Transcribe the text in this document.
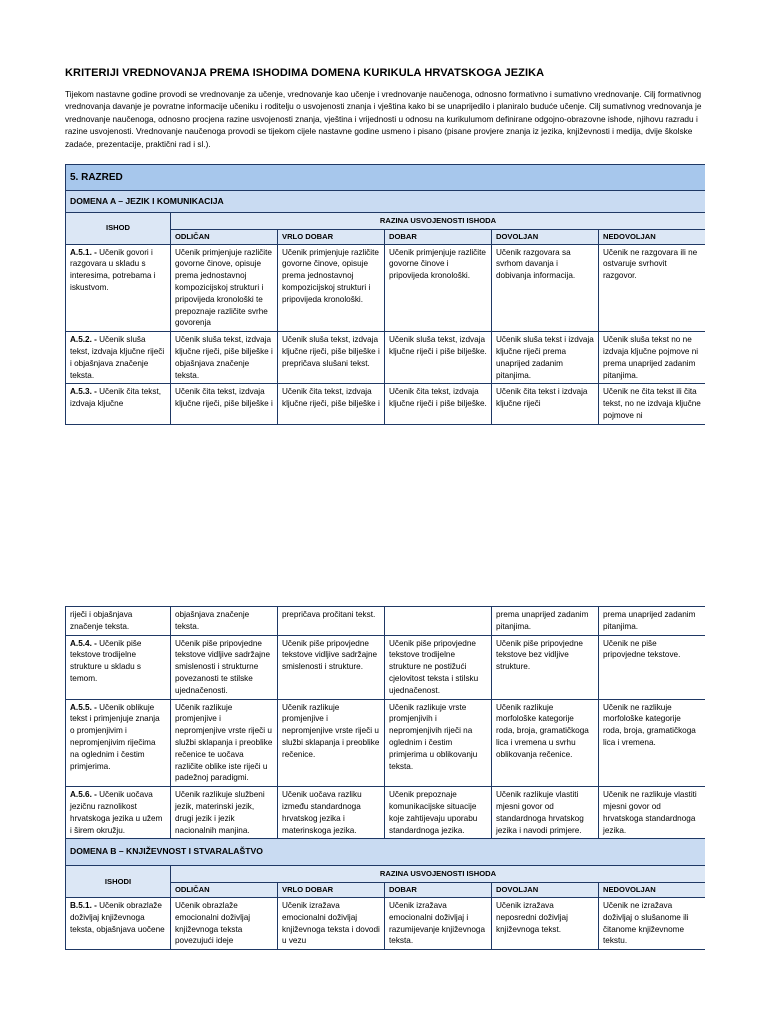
KRITERIJI VREDNOVANJA PREMA ISHODIMA DOMENA KURIKULA HRVATSKOGA JEZIKA
Tijekom nastavne godine provodi se vrednovanje za učenje, vrednovanje kao učenje i vrednovanje naučenoga, odnosno formativno i sumativno vrednovanje. Cilj formativnog vrednovanja davanje je povratne informacije učeniku i roditelju o usvojenosti znanja i vještina kako bi se unaprijedilo i planiralo buduće učenje. Cilj sumativnog vrednovanja je vrednovanje naučenoga, odnosno procjena razine usvojenosti znanja, vještina i vrijednosti u odnosu na kurikulumom definirane odgojno-obrazovne ishode, njihovu razradu i razine usvojenosti. Vrednovanje naučenoga provodi se tijekom cijele nastavne godine usmeno i pisano (pisane provjere znanja iz jezika, književnosti i medija, dvije školske zadaće, prezentacije, praktični rad i sl.).
5. RAZRED					
DOMENA A – JEZIK I KOMUNIKACIJA					
ISHOD	RAZINA USVOJENOSTI ISHODA				
	ODLIČAN	VRLO DOBAR	DOBAR	DOVOLJAN	NEDOVOLJAN
A.5.1. - Učenik govori i razgovara u skladu s interesima, potrebama i iskustvom.	Učenik primjenjuje različite govorne činove, opisuje prema jednostavnoj kompozicijskoj strukturi i pripovijeda kronološki te prepoznaje različite svrhe govorenja	Učenik primjenjuje različite govorne činove, opisuje prema jednostavnoj kompozicijskoj strukturi i pripovijeda kronološki.	Učenik primjenjuje različite govorne činove i pripovijeda kronološki.	Učenik razgovara sa svrhom davanja i dobivanja informacija.	Učenik ne razgovara ili ne ostvaruje svrhovit razgovor.
A.5.2. - Učenik sluša tekst, izdvaja ključne riječi i objašnjava značenje teksta.	Učenik sluša tekst, izdvaja ključne riječi, piše bilješke i objašnjava značenje teksta.	Učenik sluša tekst, izdvaja ključne riječi, piše bilješke i prepričava slušani tekst.	Učenik sluša tekst, izdvaja ključne riječi i piše bilješke.	Učenik sluša tekst i izdvaja ključne riječi prema unaprijed zadanim pitanjima.	Učenik sluša tekst no ne izdvaja ključne pojmove ni prema unaprijed zadanim pitanjima.
A.5.3. - Učenik čita tekst, izdvaja ključne	Učenik čita tekst, izdvaja ključne riječi, piše bilješke i	Učenik čita tekst, izdvaja ključne riječi, piše bilješke i	Učenik čita tekst, izdvaja ključne riječi i piše bilješke.	Učenik čita tekst i izdvaja ključne riječi	Učenik ne čita tekst ili čita tekst, no ne izdvaja ključne pojmove ni
riječi i objašnjava značenje teksta.	objašnjava značenje teksta.	prepričava pročitani tekst.		prema unaprijed zadanim pitanjima.	prema unaprijed zadanim pitanjima.
A.5.4. - Učenik piše tekstove trodijelne strukture u skladu s temom.	Učenik piše pripovjedne tekstove vidljive sadržajne smislenosti i strukturne povezanosti te stilske ujednačenosti.	Učenik piše pripovjedne tekstove vidljive sadržajne smislenosti i strukture.	Učenik piše pripovjedne tekstove trodijelne strukture ne postižući cjelovitost teksta i stilsku ujednačenost.	Učenik piše pripovjedne tekstove bez vidljive strukture.	Učenik ne piše pripovjedne tekstove.
A.5.5. - Učenik oblikuje tekst i primjenjuje znanja o promjenjivim i nepromjenjivim riječima na oglednim i čestim primjerima.	Učenik razlikuje promjenjive i nepromjenjive vrste riječi u službi sklapanja i preoblike rečenice te uočava različite oblike iste riječi u padežnoj paradigmi.	Učenik razlikuje promjenjive i nepromjenjive vrste riječi u službi sklapanja i preoblike rečenice.	Učenik razlikuje vrste promjenjivih i nepromjenjivih riječi na oglednim i čestim primjerima u oblikovanju teksta.	Učenik razlikuje morfološke kategorije roda, broja, gramatičkoga lica i vremena u svrhu oblikovanja rečenice.	Učenik ne razlikuje morfološke kategorije roda, broja, gramatičkoga lica i vremena.
A.5.6. - Učenik uočava jezičnu raznolikost hrvatskoga jezika u užem i širem okružju.	Učenik razlikuje službeni jezik, materinski jezik, drugi jezik i jezik nacionalnih manjina.	Učenik uočava razliku između standardnoga hrvatskog jezika i materinskoga jezika.	Učenik prepoznaje komunikacijske situacije koje zahtijevaju uporabu standardnoga jezika.	Učenik razlikuje vlastiti mjesni govor od standardnoga hrvatskog jezika i navodi primjere.	Učenik ne razlikuje vlastiti mjesni govor od hrvatskoga standardnoga jezika.
DOMENA B – KNJIŽEVNOST I STVARALAŠTVO					
ISHODI	RAZINA USVOJENOSTI ISHODA				
	ODLIČAN	VRLO DOBAR	DOBAR	DOVOLJAN	NEDOVOLJAN
B.5.1. - Učenik obrazlaže doživljaj književnoga teksta, objašnjava uočene	Učenik obrazlaže emocionalni doživljaj književnoga teksta povezujući ideje	Učenik izražava emocionalni doživljaj književnoga teksta i dovodi u vezu	Učenik izražava emocionalni doživljaj i razumijevanje književnoga teksta.	Učenik izražava neposredni doživljaj književnoga tekst.	Učenik ne izražava doživljaj o slušanome ili čitanome književnome tekstu.
